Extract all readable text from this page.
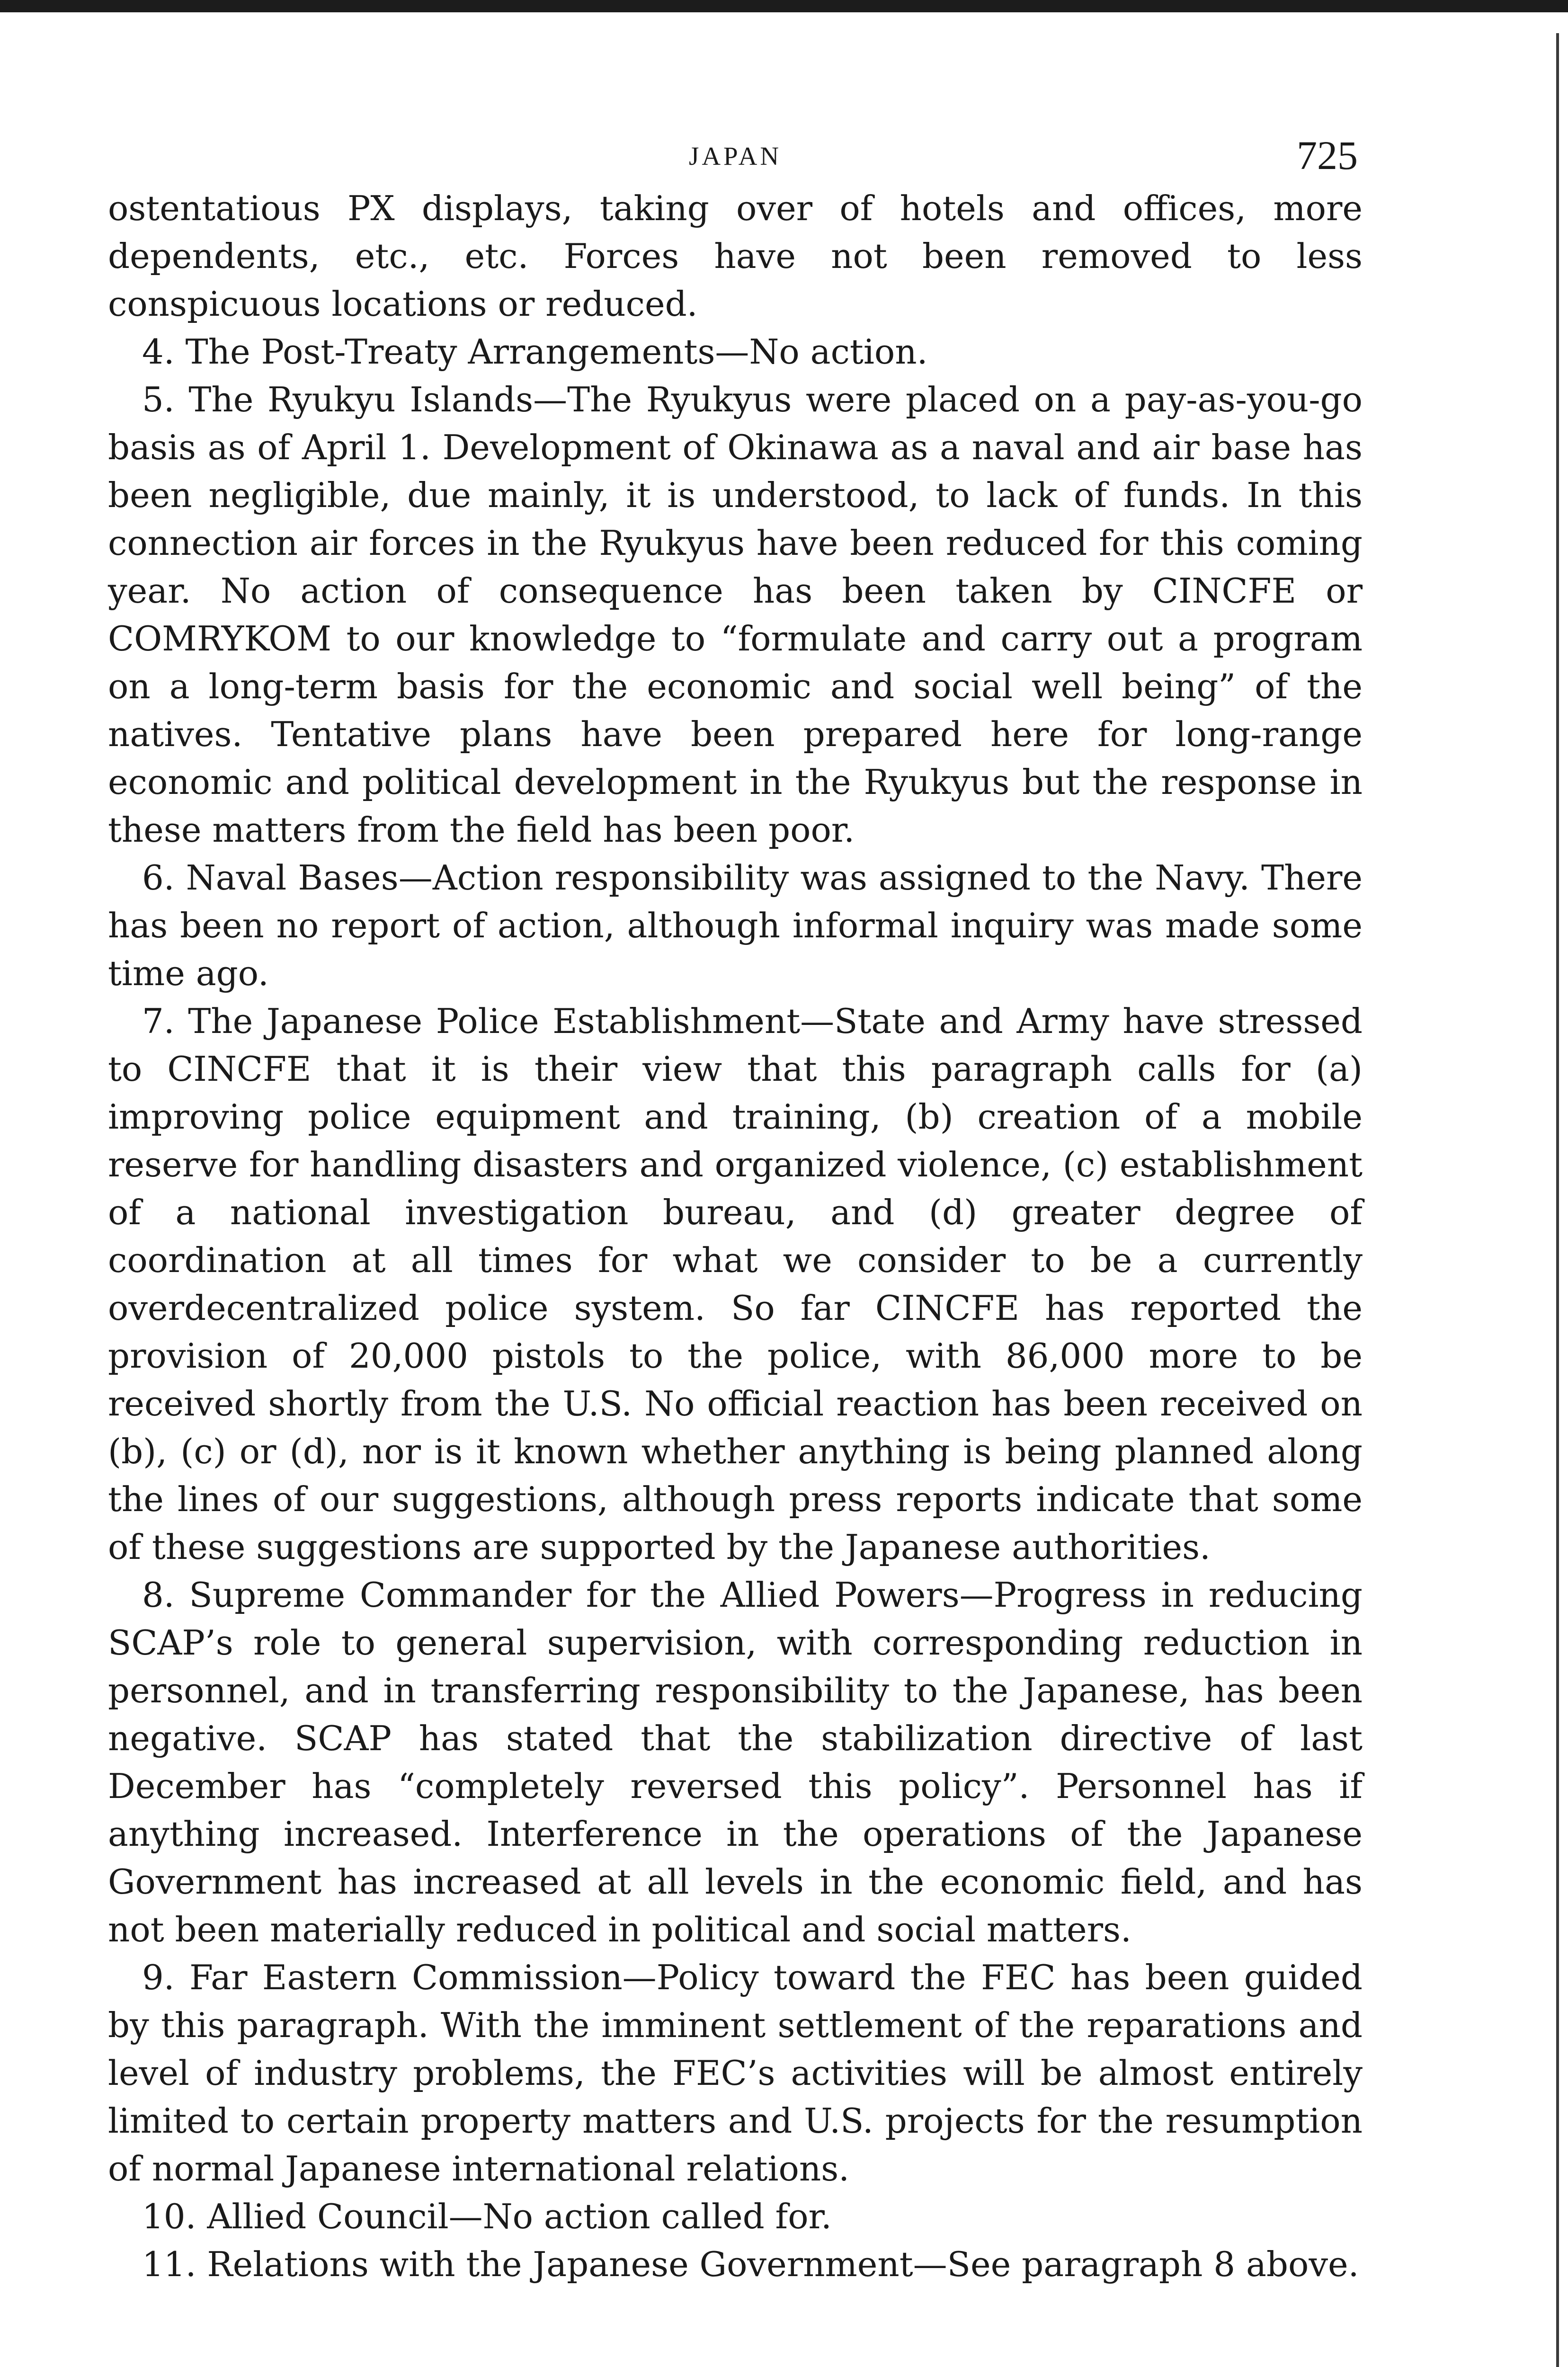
JAPAN	725

ostentatious PX displays, taking over of hotels and offices, more dependents, etc., etc. Forces have not been removed to less conspicuous locations or reduced.

4. The Post-Treaty Arrangements—No action.

5. The Ryukyu Islands—The Ryukyus were placed on a pay-as-you-go basis as of April 1. Development of Okinawa as a naval and air base has been negligible, due mainly, it is understood, to lack of funds. In this connection air forces in the Ryukyus have been reduced for this coming year. No action of consequence has been taken by CINCFE or COMRYKOM to our knowledge to “formulate and carry out a program on a long-term basis for the economic and social well being” of the natives. Tentative plans have been prepared here for long-range economic and political development in the Ryukyus but the response in these matters from the field has been poor.

6. Naval Bases—Action responsibility was assigned to the Navy. There has been no report of action, although informal inquiry was made some time ago.

7. The Japanese Police Establishment—State and Army have stressed to CINCFE that it is their view that this paragraph calls for (a) improving police equipment and training, (b) creation of a mobile reserve for handling disasters and organized violence, (c) establishment of a national investigation bureau, and (d) greater degree of coordination at all times for what we consider to be a currently overdecentralized police system. So far CINCFE has reported the provision of 20,000 pistols to the police, with 86,000 more to be received shortly from the U.S. No official reaction has been received on (b), (c) or (d), nor is it known whether anything is being planned along the lines of our suggestions, although press reports indicate that some of these suggestions are supported by the Japanese authorities.

8. Supreme Commander for the Allied Powers—Progress in reducing SCAP’s role to general supervision, with corresponding reduction in personnel, and in transferring responsibility to the Japanese, has been negative. SCAP has stated that the stabilization directive of last December has “completely reversed this policy”. Personnel has if anything increased. Interference in the operations of the Japanese Government has increased at all levels in the economic field, and has not been materially reduced in political and social matters.

9. Far Eastern Commission—Policy toward the FEC has been guided by this paragraph. With the imminent settlement of the reparations and level of industry problems, the FEC’s activities will be almost entirely limited to certain property matters and U.S. projects for the resumption of normal Japanese international relations.

10. Allied Council—No action called for.

11. Relations with the Japanese Government—See paragraph 8 above.
